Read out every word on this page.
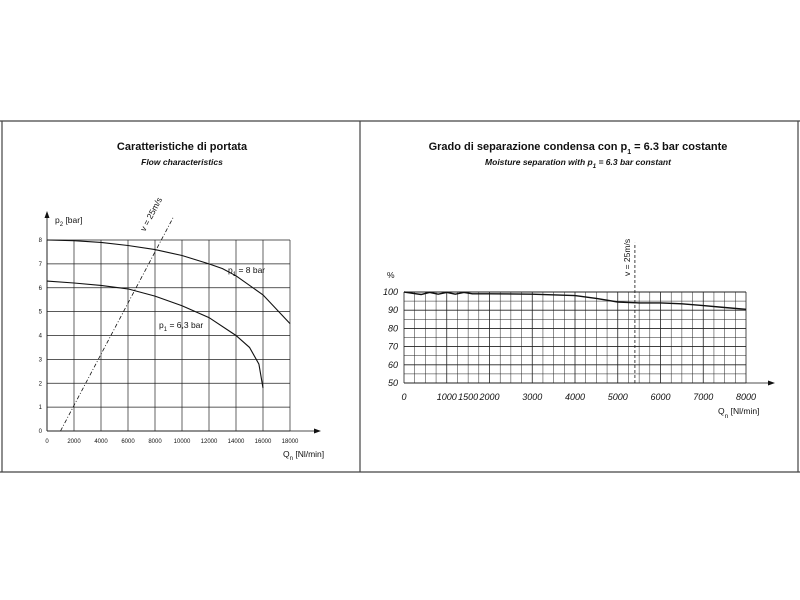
Caratteristiche di portata
Flow characteristics
0
1
2
3
4
5
6
7
8
0	2000 4000 6000 8000 10000 12000 14000 16000 18000
$p_2$ [bar]
$Q_n$ [Nl/min]
v = 25m/s
$p_1 = 8$ bar
$p_1 = 6,3$ bar
Grado di separazione condensa con $p_1 = 6.3$ bar costante
Moisture separation with $p_1 = 6.3$ bar constant
50
60
70
80
90
100
0	1000 1500 2000	3000	4000	5000	6000	7000	8000
%
$Q_n$ [Nl/min]
v = 25m/s
